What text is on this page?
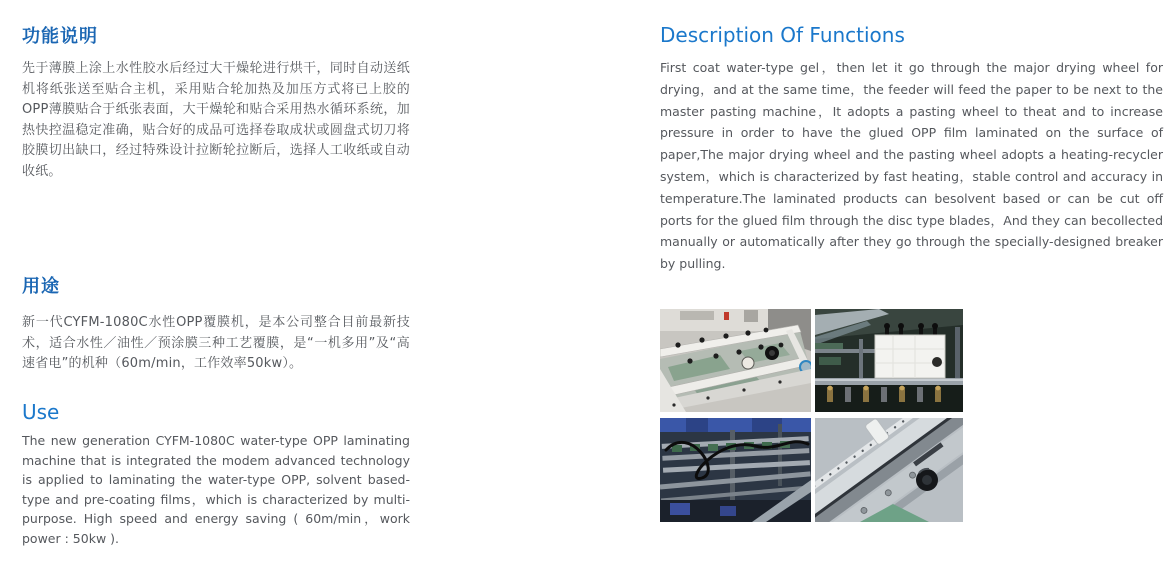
功能说明

先于薄膜上涂上水性胶水后经过大干燥轮进行烘干，同时自动送纸机将纸张送至贴合主机，采用贴合轮加热及加压方式将已上胶的OPP薄膜贴合于纸张表面，大干燥轮和贴合采用热水循环系统，加热快控温稳定准确，贴合好的成品可选择卷取成状或圆盘式切刀将胶膜切出缺口，经过特殊设计拉断轮拉断后，选择人工收纸或自动收纸。

用途

新一代CYFM-1080C水性OPP覆膜机，是本公司整合目前最新技术，适合水性／油性／预涂膜三种工艺覆膜，是“一机多用”及“高速省电”的机种（60m/min，工作效率50kw）。

Use

The new generation CYFM-1080C water-type OPP laminating machine that is integrated the modem advanced technology is applied to laminating the water-type OPP, solvent based-type and pre-coating films，which is characterized by multi-purpose. High speed and energy saving ( 60m/min，work power : 50kw ).

Description Of Functions

First coat water-type gel，then let it go through the major drying wheel for drying，and at the same time，the feeder will feed the paper to be next to the master pasting machine，It adopts a pasting wheel to theat and to increase pressure in order to have the glued OPP film laminated on the surface of paper,The major drying wheel and the pasting wheel adopts a heating-recycler system，which is characterized by fast heating，stable control and accuracy in temperature.The laminated products can besolvent based or can be cut off ports for the glued film through the disc type blades，And they can becollected manually or automatically after they go through the specially-designed breaker by pulling.
